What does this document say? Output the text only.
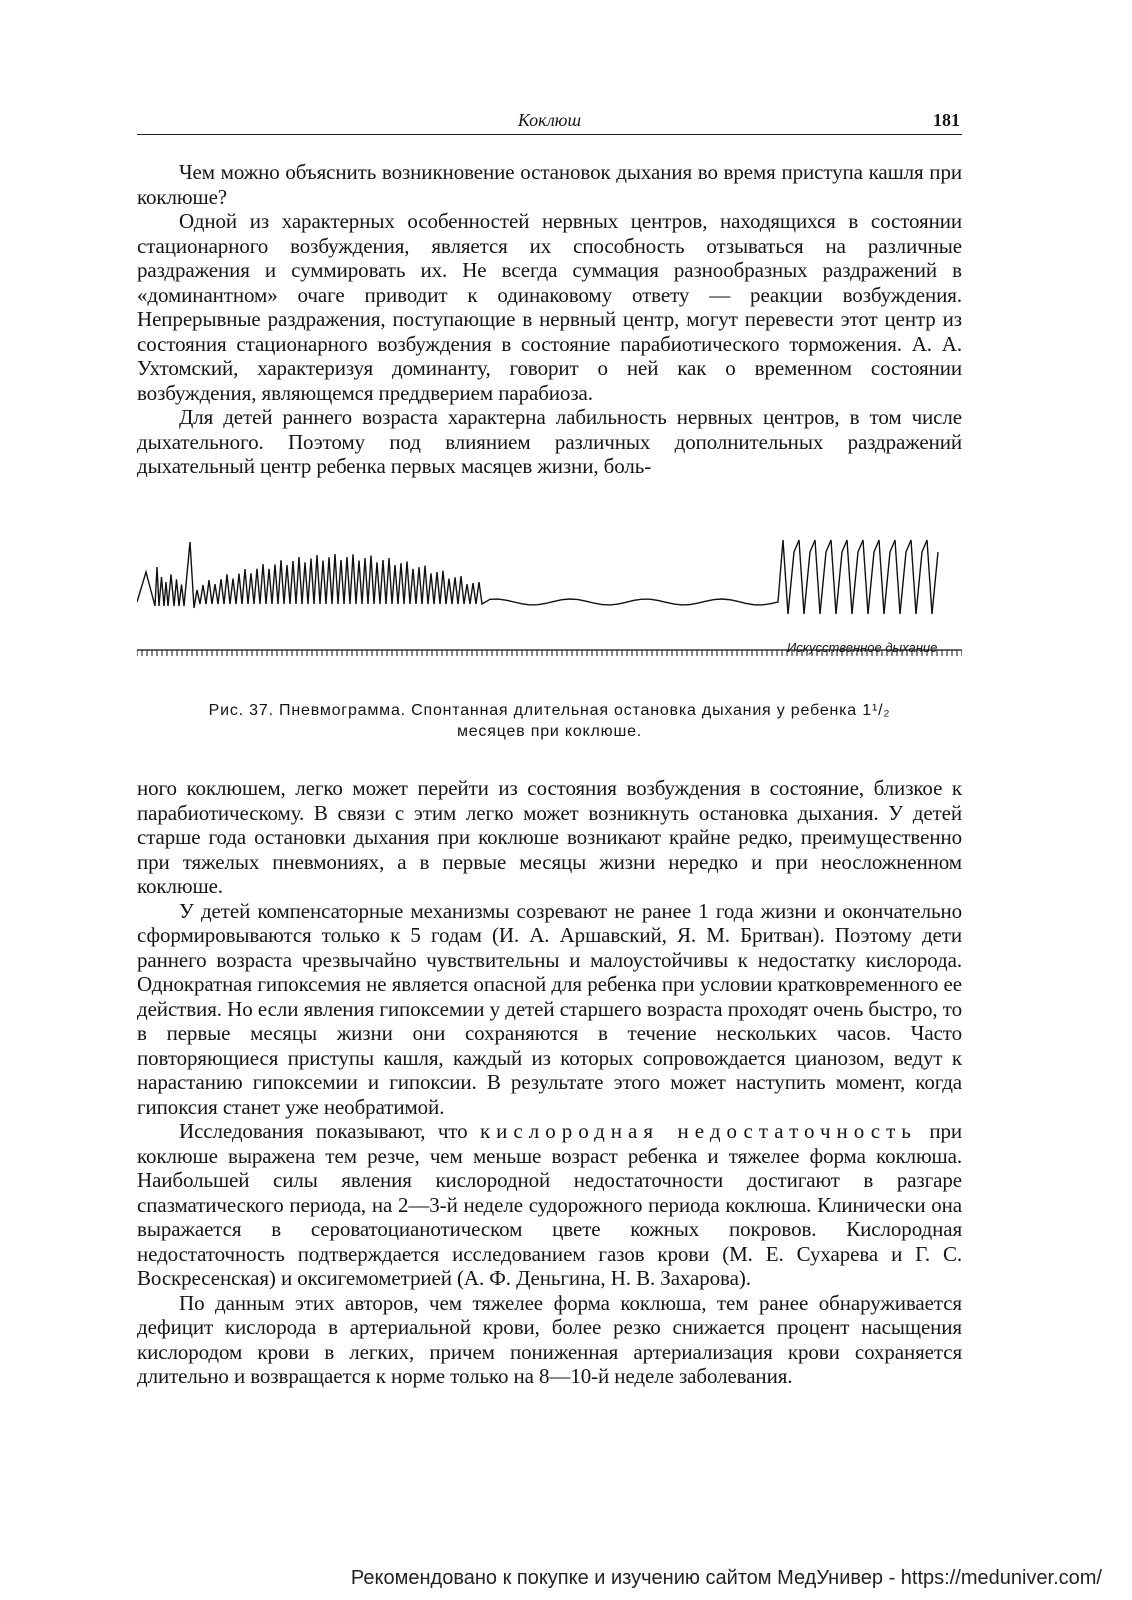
Коклюш	181

Чем можно объяснить возникновение остановок дыхания во время приступа кашля при коклюше?

Одной из характерных особенностей нервных центров, находящихся в состоянии стационарного возбуждения, является их способность отзываться на различные раздражения и суммировать их. Не всегда суммация разнообразных раздражений в «доминантном» очаге приводит к одинаковому ответу — реакции возбуждения. Непрерывные раздражения, поступающие в нервный центр, могут перевести этот центр из состояния стационарного возбуждения в состояние парабиотического торможения. А. А. Ухтомский, характеризуя доминанту, говорит о ней как о временном состоянии возбуждения, являющемся преддверием парабиоза.

Для детей раннего возраста характерна лабильность нервных центров, в том числе дыхательного. Поэтому под влиянием различных дополнительных раздражений дыхательный центр ребенка первых масяцев жизни, боль-

Искусственное дыхание
Рис. 37. Пневмограмма. Спонтанная длительная остановка дыхания у ребенка 1¹/₂
месяцев при коклюше.

ного коклюшем, легко может перейти из состояния возбуждения в состояние, близкое к парабиотическому. В связи с этим легко может возникнуть остановка дыхания. У детей старше года остановки дыхания при коклюше возникают крайне редко, преимущественно при тяжелых пневмониях, а в первые месяцы жизни нередко и при неосложненном коклюше.

У детей компенсаторные механизмы созревают не ранее 1 года жизни и окончательно сформировываются только к 5 годам (И. А. Аршавский, Я. М. Бритван). Поэтому дети раннего возраста чрезвычайно чувствительны и малоустойчивы к недостатку кислорода. Однократная гипоксемия не является опасной для ребенка при условии кратковременного ее действия. Но если явления гипоксемии у детей старшего возраста проходят очень быстро, то в первые месяцы жизни они сохраняются в течение нескольких часов. Часто повторяющиеся приступы кашля, каждый из которых сопровождается цианозом, ведут к нарастанию гипоксемии и гипоксии. В результате этого может наступить момент, когда гипоксия станет уже необратимой.

Исследования показывают, что кислородная недостаточность при коклюше выражена тем резче, чем меньше возраст ребенка и тяжелее форма коклюша. Наибольшей силы явления кислородной недостаточности достигают в разгаре спазматического периода, на 2—3-й неделе судорожного периода коклюша. Клинически она выражается в сероватоцианотическом цвете кожных покровов. Кислородная недостаточность подтверждается исследованием газов крови (М. Е. Сухарева и Г. С. Воскресенская) и оксигемометрией (А. Ф. Деньгина, Н. В. Захарова).

По данным этих авторов, чем тяжелее форма коклюша, тем ранее обнаруживается дефицит кислорода в артериальной крови, более резко снижается процент насыщения кислородом крови в легких, причем пониженная артериализация крови сохраняется длительно и возвращается к норме только на 8—10-й неделе заболевания.

Рекомендовано к покупке и изучению сайтом МедУнивер - https://meduniver.com/
